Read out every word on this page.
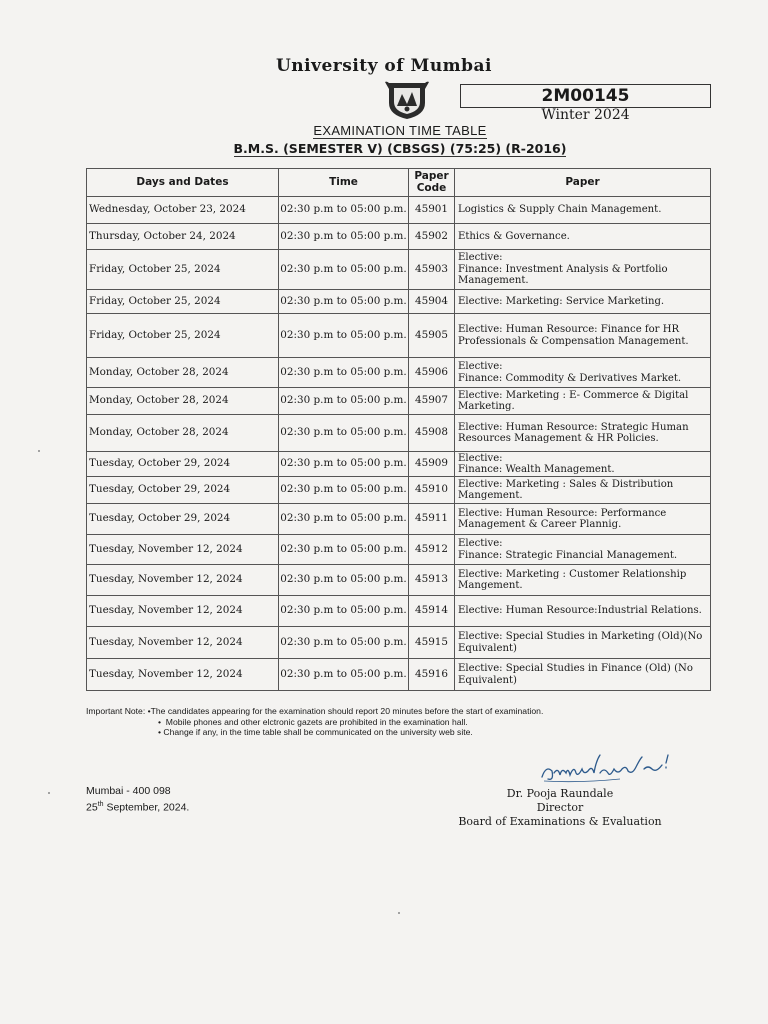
University of Mumbai
2M00145
Winter 2024
EXAMINATION TIME TABLE
B.M.S. (SEMESTER V) (CBSGS) (75:25) (R-2016)
Days and Dates	Time	Paper Code	Paper
Wednesday, October 23, 2024	02:30 p.m to 05:00 p.m.	45901	Logistics & Supply Chain Management.
Thursday, October 24, 2024	02:30 p.m to 05:00 p.m.	45902	Ethics & Governance.
Friday, October 25, 2024	02:30 p.m to 05:00 p.m.	45903	Elective:
Finance: Investment Analysis & Portfolio Management.
Friday, October 25, 2024	02:30 p.m to 05:00 p.m.	45904	Elective: Marketing: Service Marketing.
Friday, October 25, 2024	02:30 p.m to 05:00 p.m.	45905	Elective: Human Resource: Finance for HR Professionals & Compensation Management.
Monday, October 28, 2024	02:30 p.m to 05:00 p.m.	45906	Elective:
Finance: Commodity & Derivatives Market.
Monday, October 28, 2024	02:30 p.m to 05:00 p.m.	45907	Elective: Marketing : E- Commerce & Digital Marketing.
Monday, October 28, 2024	02:30 p.m to 05:00 p.m.	45908	Elective: Human Resource: Strategic Human Resources Management & HR Policies.
Tuesday, October 29, 2024	02:30 p.m to 05:00 p.m.	45909	Elective:
Finance: Wealth Management.
Tuesday, October 29, 2024	02:30 p.m to 05:00 p.m.	45910	Elective: Marketing : Sales & Distribution Mangement.
Tuesday, October 29, 2024	02:30 p.m to 05:00 p.m.	45911	Elective: Human Resource: Performance Management & Career Plannig.
Tuesday, November 12, 2024	02:30 p.m to 05:00 p.m.	45912	Elective:
Finance: Strategic Financial Management.
Tuesday, November 12, 2024	02:30 p.m to 05:00 p.m.	45913	Elective: Marketing : Customer Relationship Mangement.
Tuesday, November 12, 2024	02:30 p.m to 05:00 p.m.	45914	Elective: Human Resource:Industrial Relations.
Tuesday, November 12, 2024	02:30 p.m to 05:00 p.m.	45915	Elective: Special Studies in Marketing (Old)(No Equivalent)
Tuesday, November 12, 2024	02:30 p.m to 05:00 p.m.	45916	Elective: Special Studies in Finance (Old) (No Equivalent)
Important Note: •The candidates appearing for the examination should report 20 minutes before the start of examination.
•  Mobile phones and other elctronic gazets are prohibited in the examination hall.
• Change if any, in the time table shall be communicated on the university web site.
Mumbai - 400 098
25th September, 2024.
Dr. Pooja Raundale
Director
Board of Examinations & Evaluation
